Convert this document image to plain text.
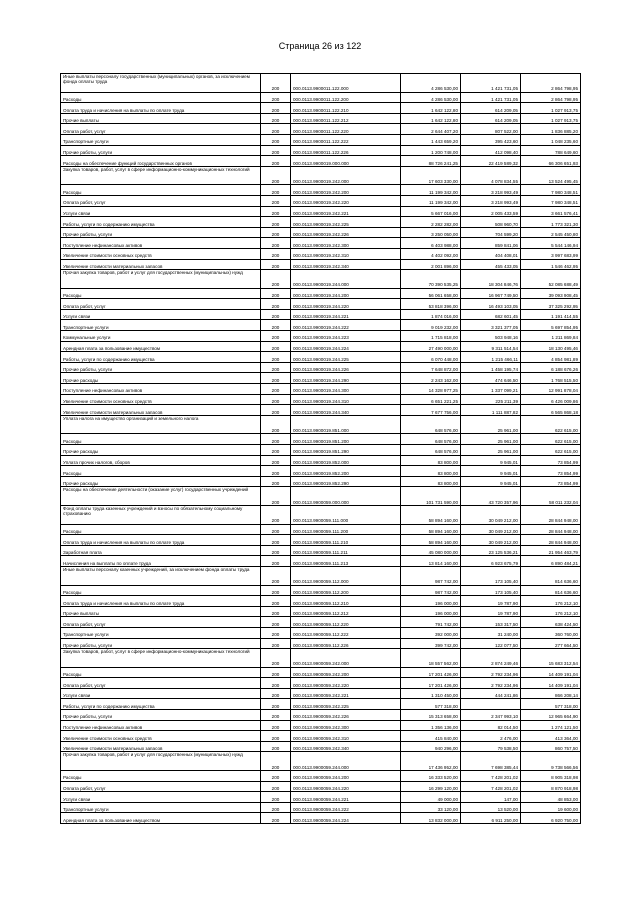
Страница 26 из 122
Иные выплаты персоналу государственных (муниципальных) органов, за исключением фонда оплаты труда	200	000.0113.9900011.122.000	4 286 530,00	1 421 731,05	2 864 798,95
Расходы	200	000.0113.9900011.122.200	4 286 530,00	1 421 731,05	2 864 798,95
Оплата труда и начисления на выплаты по оплате труда	200	000.0113.9900011.122.210	1 642 122,80	614 209,05	1 027 913,75
Прочие выплаты	200	000.0113.9900011.122.212	1 642 122,80	614 209,05	1 027 913,75
Оплата работ, услуг	200	000.0113.9900011.122.220	2 644 407,20	807 522,00	1 836 885,20
Транспортные услуги	200	000.0113.9900011.122.222	1 443 659,20	395 423,60	1 048 235,60
Прочие работы, услуги	200	000.0113.9900011.122.226	1 200 748,00	412 098,40	788 649,60
Расходы на обеспечение функций государственных органов	200	000.0113.9900019.000.000	88 726 241,25	22 419 589,32	66 306 651,93
Закупка товаров, работ, услуг в сфере информационно-коммуникационных технологий	200	000.0113.9900019.242.000	17 603 330,00	4 078 834,55	13 524 495,45
Расходы	200	000.0113.9900019.242.200	11 199 342,00	3 218 993,49	7 980 348,51
Оплата работ, услуг	200	000.0113.9900019.242.220	11 199 342,00	3 218 993,49	7 980 348,51
Услуги связи	200	000.0113.9900019.242.221	5 667 016,00	2 005 433,59	3 661 576,41
Работы, услуги по содержанию имущества	200	000.0113.9900019.242.225	2 282 282,00	508 960,70	1 773 321,30
Прочие работы, услуги	200	000.0113.9900019.242.226	3 250 050,00	704 599,20	2 545 450,80
Поступление нефинансовых активов	200	000.0113.9900019.242.300	6 403 988,00	859 841,06	5 544 146,94
Увеличение стоимости основных средств	200	000.0113.9900019.242.310	4 402 092,00	404 408,01	3 997 683,99
Увеличение стоимости материальных запасов	200	000.0113.9900019.242.340	2 001 896,00	455 433,05	1 546 462,95
Прочая закупка товаров, работ и услуг для государственных (муниципальных) нужд	200	000.0113.9900019.244.000	70 390 535,25	18 304 846,76	52 085 688,49
Расходы	200	000.0113.9900019.244.200	56 061 658,00	16 967 749,50	39 093 908,45
Оплата работ, услуг	200	000.0113.9900019.244.220	53 818 396,00	16 493 103,05	37 325 292,95
Услуги связи	200	000.0113.9900019.244.221	1 874 016,00	682 601,45	1 191 414,55
Транспортные услуги	200	000.0113.9900019.244.222	9 019 232,00	3 321 377,05	5 697 854,95
Коммунальные услуги	200	000.0113.9900019.244.223	1 715 818,00	503 948,16	1 211 869,84
Арендная плата за пользование имуществом	200	000.0113.9900019.244.224	27 490 000,00	9 311 514,54	18 130 495,46
Работы, услуги по содержанию имущества	200	000.0113.9900019.244.225	6 070 448,00	1 215 466,11	4 854 981,89
Прочие работы, услуги	200	000.0113.9900019.244.226	7 648 872,00	1 458 195,74	6 188 676,26
Прочие расходы	200	000.0113.9900019.244.290	2 243 162,00	474 646,50	1 768 515,50
Поступление нефинансовых активов	200	000.0113.9900019.244.300	14 328 977,25	1 337 099,21	12 991 878,04
Увеличение стоимости основных средств	200	000.0113.9900019.244.310	6 651 221,25	225 211,39	6 426 009,86
Увеличение стоимости материальных запасов	200	000.0113.9900019.244.340	7 677 756,00	1 111 887,82	6 565 868,18
Уплата налога на имущество организаций и земельного налога	200	000.0113.9900019.851.000	648 576,00	25 961,00	622 615,00
Расходы	200	000.0113.9900019.851.200	648 576,00	25 961,00	622 615,00
Прочие расходы	200	000.0113.9900019.851.290	648 576,00	25 961,00	622 615,00
Уплата прочих налогов, сборов	200	000.0113.9900019.852.000	83 800,00	9 945,01	73 854,99
Расходы	200	000.0113.9900019.852.200	83 800,00	9 945,01	73 854,99
Прочие расходы	200	000.0113.9900019.852.290	83 800,00	9 945,01	73 854,99
Расходы на обеспечение деятельности (оказание услуг) государственных учреждений	200	000.0113.9900059.000.000	101 731 590,00	43 720 357,96	58 011 232,04
Фонд оплаты труда казенных учреждений и взносы по обязательному социальному страхованию	200	000.0113.9900059.111.000	58 894 160,00	30 049 212,00	28 844 948,00
Расходы	200	000.0113.9900059.111.200	58 894 160,00	30 049 212,00	28 844 948,00
Оплата труда и начисления на выплаты по оплате труда	200	000.0113.9900059.111.210	58 894 160,00	30 049 212,00	28 844 948,00
Заработная плата	200	000.0113.9900059.111.211	45 080 000,00	23 125 536,21	21 954 463,79
Начисления на выплаты по оплате труда	200	000.0113.9900059.111.213	13 814 160,00	6 923 675,79	6 890 484,21
Иные выплаты персоналу казенных учреждений, за исключением фонда оплаты труда	200	000.0113.9900059.112.000	987 742,00	173 105,40	814 636,60
Расходы	200	000.0113.9900059.112.200	987 742,00	173 105,40	814 636,60
Оплата труда и начисления на выплаты по оплате труда	200	000.0113.9900059.112.210	196 000,00	19 787,90	176 212,10
Прочие выплаты	200	000.0113.9900059.112.212	196 000,00	19 787,90	176 212,10
Оплата работ, услуг	200	000.0113.9900059.112.220	791 742,00	153 317,50	638 424,50
Транспортные услуги	200	000.0113.9900059.112.222	392 000,00	31 240,00	360 760,00
Прочие работы, услуги	200	000.0113.9900059.112.226	399 742,00	122 077,50	277 664,50
Закупка товаров, работ, услуг в сфере информационно-коммуникационных технологий	200	000.0113.9900059.242.000	18 557 562,00	2 874 249,46	15 683 312,54
Расходы	200	000.0113.9900059.242.200	17 201 426,00	2 792 234,96	14 409 191,04
Оплата работ, услуг	200	000.0113.9900059.242.220	17 201 426,00	2 792 234,96	14 409 191,04
Услуги связи	200	000.0113.9900059.242.221	1 310 450,00	444 241,86	866 208,14
Работы, услуги по содержанию имущества	200	000.0113.9900059.242.225	577 318,00		577 318,00
Прочие работы, услуги	200	000.0113.9900059.242.226	15 313 658,00	2 347 993,10	12 965 664,90
Поступление нефинансовых активов	200	000.0113.9900059.242.300	1 356 136,00	82 014,50	1 274 121,50
Увеличение стоимости основных средств	200	000.0113.9900059.242.310	415 840,00	2 476,00	413 364,00
Увеличение стоимости материальных запасов	200	000.0113.9900059.242.340	940 296,00	79 538,50	860 757,50
Прочая закупка товаров, работ и услуг для государственных (муниципальных) нужд	200	000.0113.9900059.244.000	17 436 952,00	7 698 385,44	9 738 566,56
Расходы	200	000.0113.9900059.244.200	16 333 520,00	7 428 201,02	8 905 318,98
Оплата работ, услуг	200	000.0113.9900059.244.220	16 299 120,00	7 428 201,02	8 870 918,98
Услуги связи	200	000.0113.9900059.244.221	49 000,00	147,00	48 853,00
Транспортные услуги	200	000.0113.9900059.244.222	33 120,00	13 520,00	19 600,00
Арендная плата за пользование имуществом	200	000.0113.9900059.244.224	13 832 000,00	6 911 250,00	6 920 750,00
